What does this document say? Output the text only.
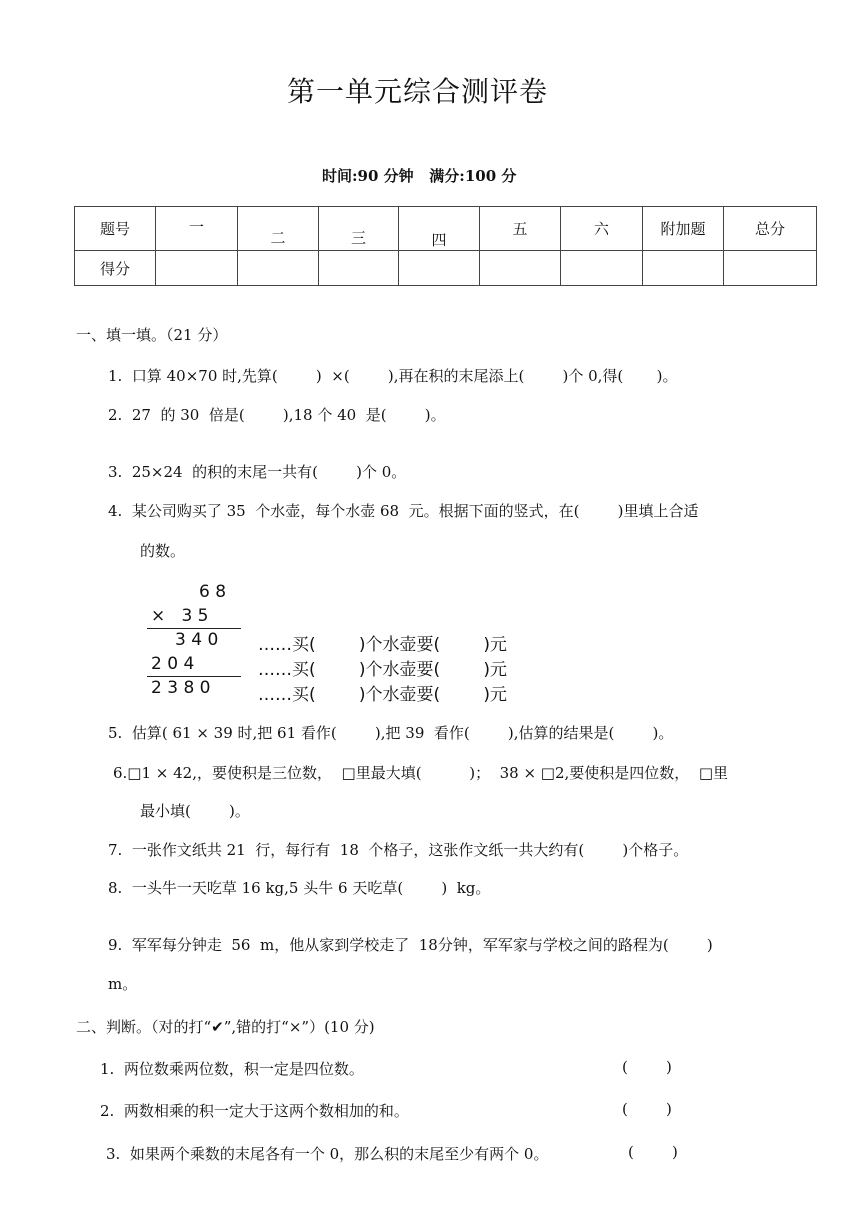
第一单元综合测评卷
时间:90 分钟   满分:100 分
题号	一	二	三	四	五	六	附加题	总分
得分								
一、填一填。（21 分）
1.  口算 40×70 时,先算(        )  ×(        ),再在积的末尾添上(        )个 0,得(       )。
2.  27  的 30  倍是(        ),18 个 40  是(        )。
3.  25×24  的积的末尾一共有(        )个 0。
4.  某公司购买了 35  个水壶，每个水壶 68  元。根据下面的竖式，在(        )里填上合适
的数。
6 8
×   3 5
3 4 0
2 0 4
2 3 8 0
……买(        )个水壶要(        )元
……买(        )个水壶要(        )元
……买(        )个水壶要(        )元
5.  估算( 61 × 39 时,把 61 看作(        ),把 39  看作(        ),估算的结果是(        )。
6.□1 × 42,，要使积是三位数，  □里最大填(          )；  38 × □2,要使积是四位数，  □里
最小填(        )。
7.  一张作文纸共 21  行，每行有  18  个格子，这张作文纸一共大约有(        )个格子。
8.  一头牛一天吃草 16 kg,5 头牛 6 天吃草(        )  kg。
9.  军军每分钟走  56  m，他从家到学校走了  18分钟，军军家与学校之间的路程为(        )
m。
二、判断。（对的打“✔”,错的打“×”）(10 分)
1.  两位数乘两位数，积一定是四位数。	(        )
2.  两数相乘的积一定大于这两个数相加的和。	(        )
3.  如果两个乘数的末尾各有一个 0，那么积的末尾至少有两个 0。	(        )
